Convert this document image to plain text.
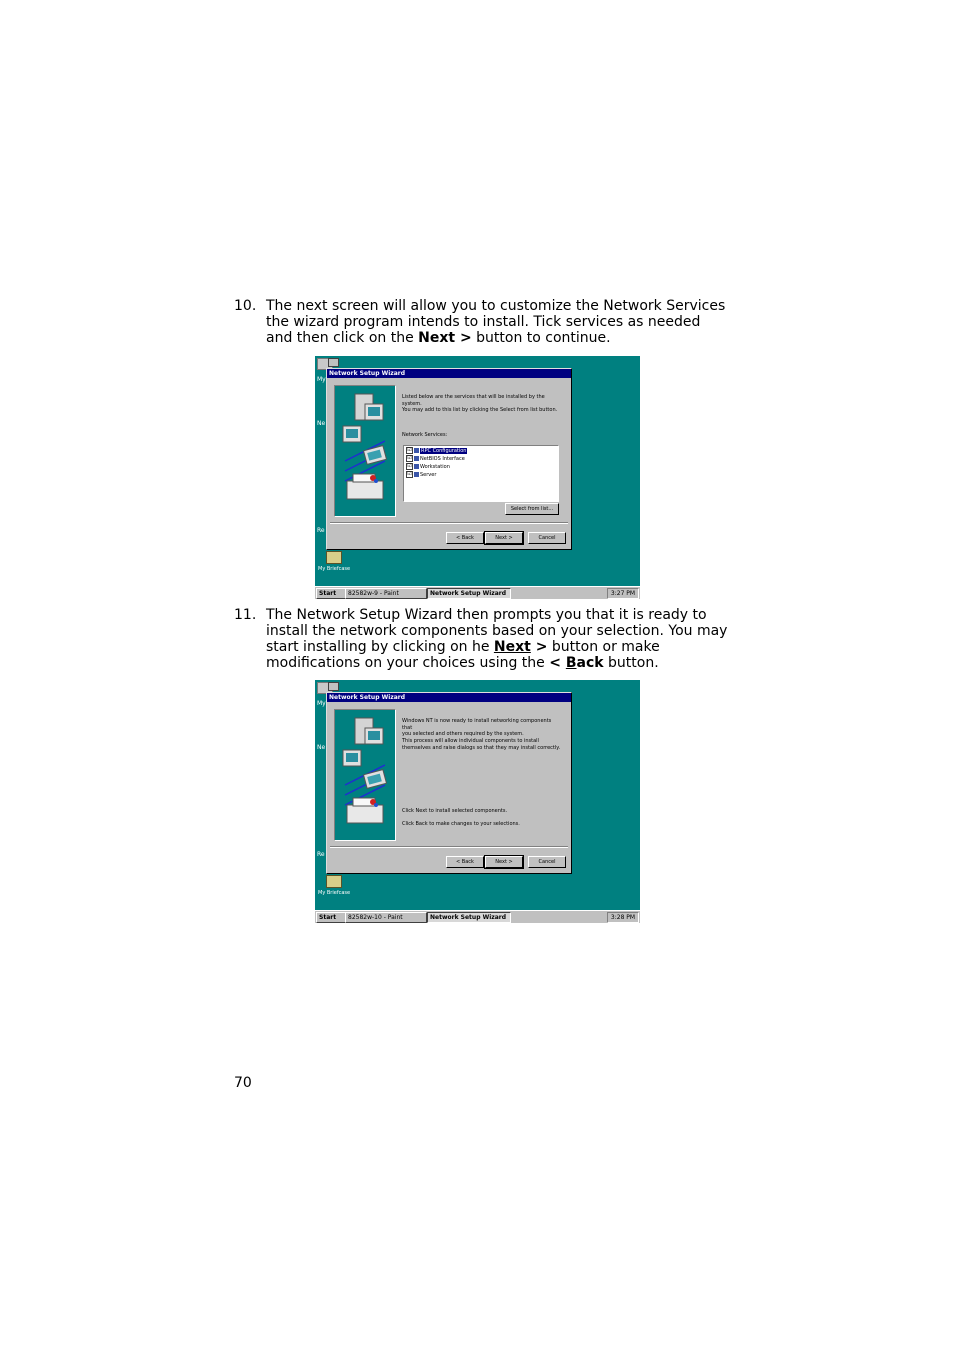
10. The next screen will allow you to customize the Network Services
the wizard program intends to install. Tick services as needed
and then click on the Next > button to continue.
My
Ne
Re
My Briefcase
Network Setup Wizard
Listed below are the services that will be installed by the system.
You may add to this list by clicking the Select from list button.
Network Services:
☑ RPC Configuration
☑ NetBIOS Interface
☑ Workstation
☑ Server
Select from list...
< Back	Next >	Cancel
Start	82582w-9 - Paint	Network Setup Wizard	3:27 PM
11. The Network Setup Wizard then prompts you that it is ready to
install the network components based on your selection. You may
start installing by clicking on he Next > button or make
modifications on your choices using the < Back button.
My
Ne
Re
My Briefcase
Network Setup Wizard
Windows NT is now ready to install networking components that
you selected and others required by the system.
This process will allow individual components to install
themselves and raise dialogs so that they may install correctly.
Click Next to install selected components.
Click Back to make changes to your selections.
< Back	Next >	Cancel
Start	82582w-10 - Paint	Network Setup Wizard	3:28 PM
70
